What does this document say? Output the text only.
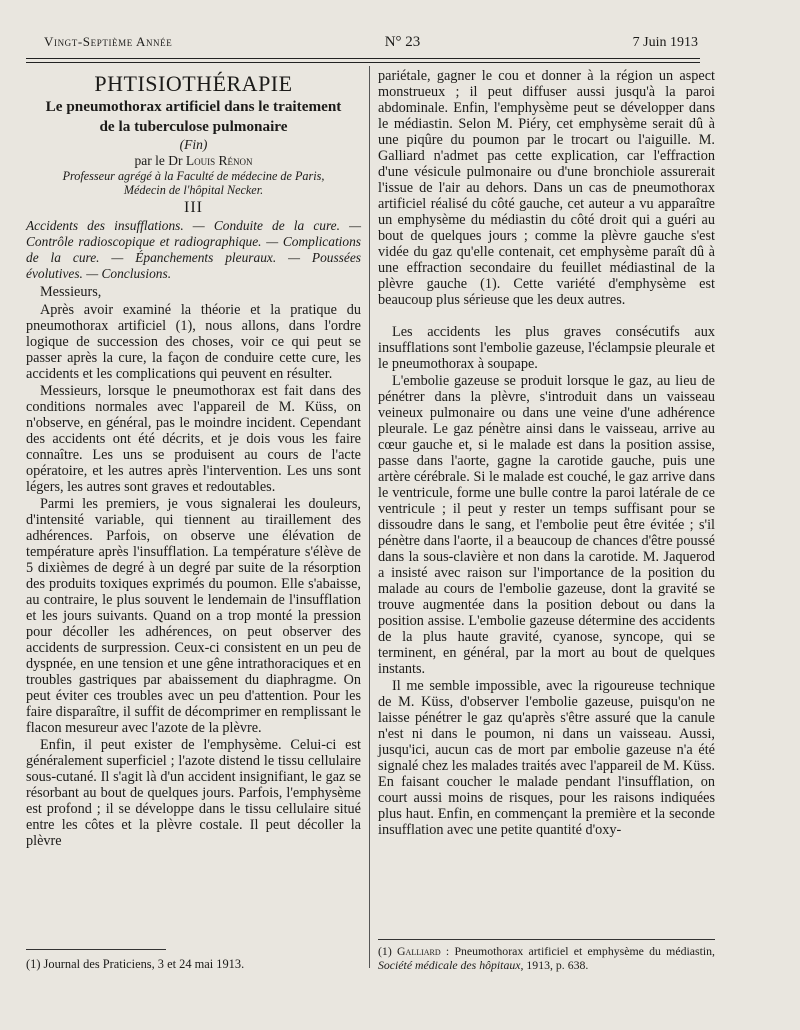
Vingt-Septième Année	N° 23	7 Juin 1913
PHTISIOTHÉRAPIE
Le pneumothorax artificiel dans le traitement
de la tuberculose pulmonaire
(Fin)
par le Dr Louis Rénon
Professeur agrégé à la Faculté de médecine de Paris,
Médecin de l'hôpital Necker.
III
Accidents des insufflations. — Conduite de la cure. — Contrôle radioscopique et radiographique. — Complications de la cure. — Épanchements pleuraux. — Poussées évolutives. — Conclusions.
Messieurs,

Après avoir examiné la théorie et la pratique du pneumothorax artificiel (1), nous allons, dans l'ordre logique de succession des choses, voir ce qui peut se passer après la cure, la façon de conduire cette cure, les accidents et les complications qui peuvent en résulter.

Messieurs, lorsque le pneumothorax est fait dans des conditions normales avec l'appareil de M. Küss, on n'observe, en général, pas le moindre incident. Cependant des accidents ont été décrits, et je dois vous les faire connaître. Les uns se produisent au cours de l'acte opératoire, et les autres après l'intervention. Les uns sont légers, les autres sont graves et redoutables.

Parmi les premiers, je vous signalerai les douleurs, d'intensité variable, qui tiennent au tiraillement des adhérences. Parfois, on observe une élévation de température après l'insufflation. La température s'élève de 5 dixièmes de degré à un degré par suite de la résorption des produits toxiques exprimés du poumon. Elle s'abaisse, au contraire, le plus souvent le lendemain de l'insufflation et les jours suivants. Quand on a trop monté la pression pour décoller les adhérences, on peut observer des accidents de surpression. Ceux-ci consistent en un peu de dyspnée, en une tension et une gêne intrathoraciques et en troubles gastriques par abaissement du diaphragme. On peut éviter ces troubles avec un peu d'attention. Pour les faire disparaître, il suffit de décomprimer en remplissant le flacon mesureur avec l'azote de la plèvre.

Enfin, il peut exister de l'emphysème. Celui-ci est généralement superficiel ; l'azote distend le tissu cellulaire sous-cutané. Il s'agit là d'un accident insignifiant, le gaz se résorbant au bout de quelques jours. Parfois, l'emphysème est profond ; il se développe dans le tissu cellulaire situé entre les côtes et la plèvre costale. Il peut décoller la plèvre

pariétale, gagner le cou et donner à la région un aspect monstrueux ; il peut diffuser aussi jusqu'à la paroi abdominale. Enfin, l'emphysème peut se développer dans le médiastin. Selon M. Piéry, cet emphysème serait dû à une piqûre du poumon par le trocart ou l'aiguille. M. Galliard n'admet pas cette explication, car l'effraction d'une vésicule pulmonaire ou d'une bronchiole assurerait l'issue de l'air au dehors. Dans un cas de pneumothorax artificiel réalisé du côté gauche, cet auteur a vu apparaître un emphysème du médiastin du côté droit qui a guéri au bout de quelques jours ; comme la plèvre gauche s'est vidée du gaz qu'elle contenait, cet emphysème paraît dû à une effraction secondaire du feuillet médiastinal de la plèvre gauche (1). Cette variété d'emphysème est beaucoup plus sérieuse que les deux autres.

Les accidents les plus graves consécutifs aux insufflations sont l'embolie gazeuse, l'éclampsie pleurale et le pneumothorax à soupape.

L'embolie gazeuse se produit lorsque le gaz, au lieu de pénétrer dans la plèvre, s'introduit dans un vaisseau veineux pulmonaire ou dans une veine d'une adhérence pleurale. Le gaz pénètre ainsi dans le vaisseau, arrive au cœur gauche et, si le malade est dans la position assise, passe dans l'aorte, gagne la carotide gauche, puis une artère cérébrale. Si le malade est couché, le gaz arrive dans le ventricule, forme une bulle contre la paroi latérale de ce ventricule ; il peut y rester un temps suffisant pour se dissoudre dans le sang, et l'embolie peut être évitée ; s'il pénètre dans l'aorte, il a beaucoup de chances d'être poussé dans la sous-clavière et non dans la carotide. M. Jaquerod a insisté avec raison sur l'importance de la position du malade au cours de l'embolie gazeuse, dont la gravité se trouve augmentée dans la position debout ou dans la position assise. L'embolie gazeuse détermine des accidents de la plus haute gravité, cyanose, syncope, qui se terminent, en général, par la mort au bout de quelques instants.

Il me semble impossible, avec la rigoureuse technique de M. Küss, d'observer l'embolie gazeuse, puisqu'on ne laisse pénétrer le gaz qu'après s'être assuré que la canule n'est ni dans le poumon, ni dans un vaisseau. Aussi, jusqu'ici, aucun cas de mort par embolie gazeuse n'a été signalé chez les malades traités avec l'appareil de M. Küss. En faisant coucher le malade pendant l'insufflation, on court aussi moins de risques, pour les raisons indiquées plus haut. Enfin, en commençant la première et la seconde insufflation avec une petite quantité d'oxy-

(1) Journal des Praticiens, 3 et 24 mai 1913.
(1) Galliard : Pneumothorax artificiel et emphysème du médiastin, Société médicale des hôpitaux, 1913, p. 638.
